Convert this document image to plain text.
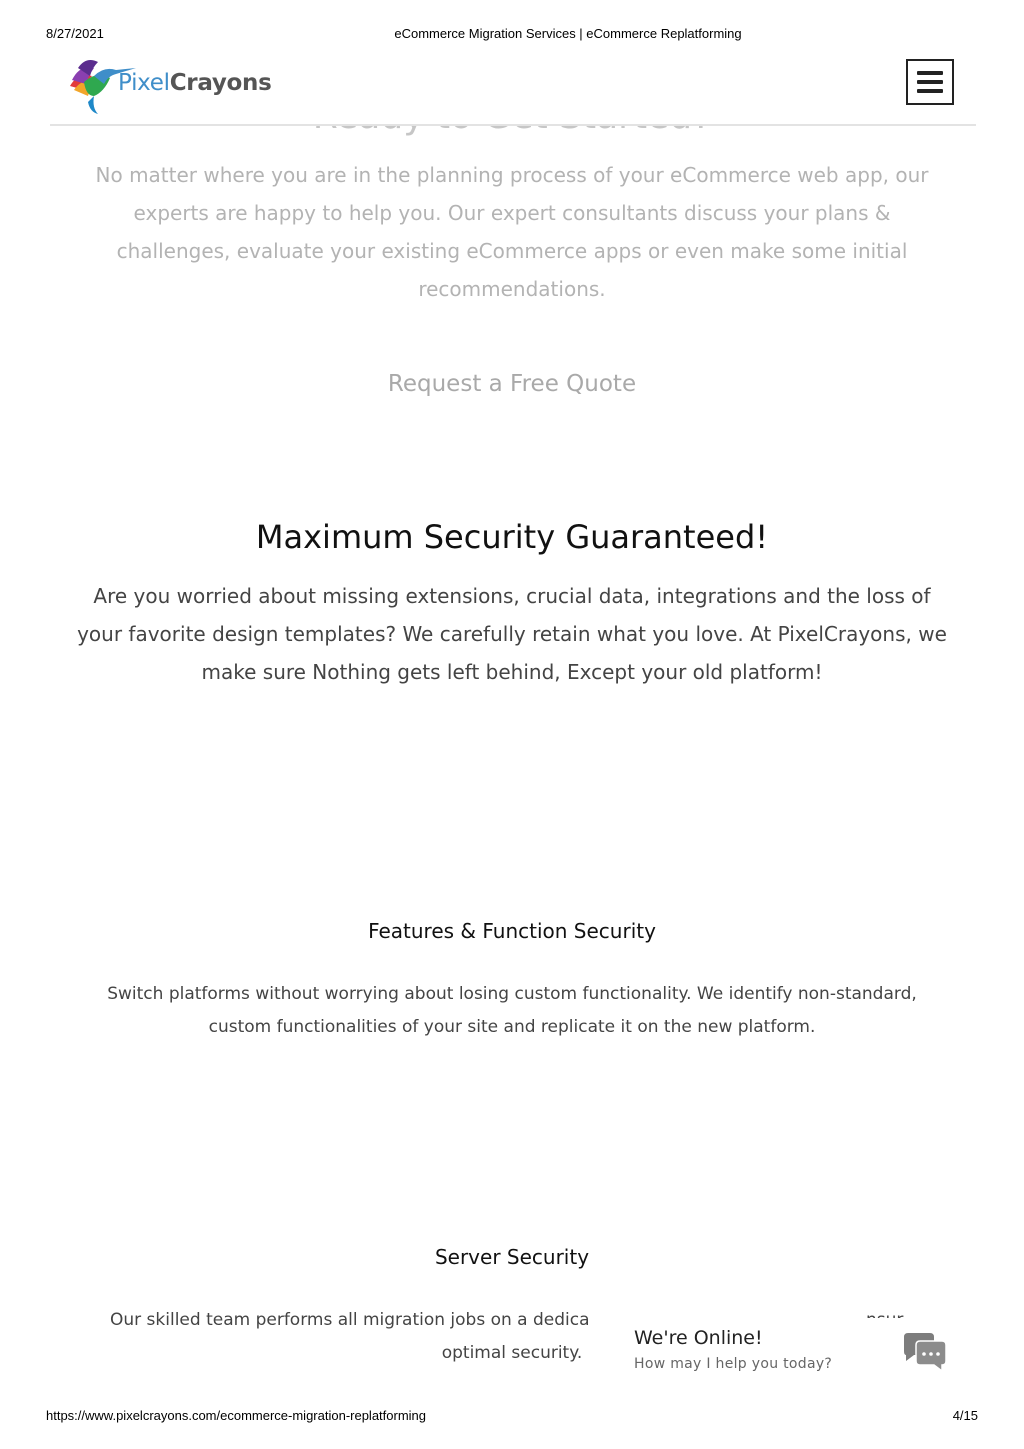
8/27/2021	eCommerce Migration Services | eCommerce Replatforming
PixelCrayons
No matter where you are in the planning process of your eCommerce web app, our experts are happy to help you. Our expert consultants discuss your plans & challenges, evaluate your existing eCommerce apps or even make some initial recommendations.
Request a Free Quote
Maximum Security Guaranteed!
Are you worried about missing extensions, crucial data, integrations and the loss of your favorite design templates? We carefully retain what you love. At PixelCrayons, we make sure Nothing gets left behind, Except your old platform!
Features & Function Security
Switch platforms without worrying about losing custom functionality. We identify non-standard, custom functionalities of your site and replicate it on the new platform.
Server Security
Our skilled team performs all migration jobs on a dedica
optimal security.
We're Online!
How may I help you today?
https://www.pixelcrayons.com/ecommerce-migration-replatforming	4/15
